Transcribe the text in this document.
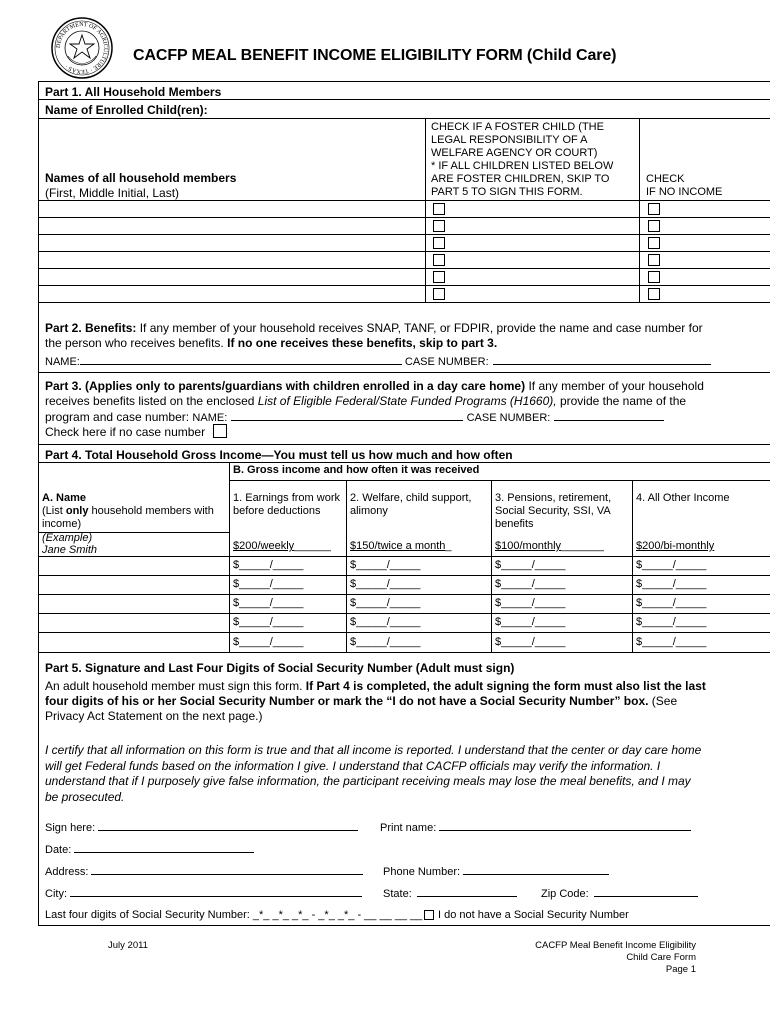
DEPARTMENT OF AGRICULTURE · TEXAS ·
CACFP MEAL BENEFIT INCOME ELIGIBILITY FORM (Child Care)
Part 1. All Household Members
Name of Enrolled Child(ren):
Names of all household members
(First, Middle Initial, Last)
CHECK IF A FOSTER CHILD (THE
LEGAL RESPONSIBILITY OF A
WELFARE AGENCY OR COURT)
* IF ALL CHILDREN LISTED BELOW
ARE FOSTER CHILDREN, SKIP TO
PART 5 TO SIGN THIS FORM.
CHECK
IF NO INCOME
Part 2. Benefits: If any member of your household receives SNAP, TANF, or FDPIR, provide the name and case number for
the person who receives benefits. If no one receives these benefits, skip to part 3.
NAME:	CASE NUMBER:
Part 3. (Applies only to parents/guardians with children enrolled in a day care home) If any member of your household
receives benefits listed on the enclosed List of Eligible Federal/State Funded Programs (H1660), provide the name of the
program and case number: NAME:	CASE NUMBER:
Check here if no case number
Part 4. Total Household Gross Income—You must tell us how much and how often
B. Gross income and how often it was received
A. Name
(List only household members with
income)
1. Earnings from work
before deductions
2. Welfare, child support,
alimony
3. Pensions, retirement,
Social Security, SSI, VA
benefits
4. All Other Income
(Example)
Jane Smith	$200/weekly______ $150/twice a month_	$100/monthly_______	$200/bi-monthly
$_____/_____	$_____/_____	$_____/_____	$_____/_____
$_____/_____	$_____/_____	$_____/_____	$_____/_____
$_____/_____	$_____/_____	$_____/_____	$_____/_____
$_____/_____	$_____/_____	$_____/_____	$_____/_____
$_____/_____	$_____/_____	$_____/_____	$_____/_____
Part 5. Signature and Last Four Digits of Social Security Number (Adult must sign)
An adult household member must sign this form. If Part 4 is completed, the adult signing the form must also list the last
four digits of his or her Social Security Number or mark the “I do not have a Social Security Number” box. (See
Privacy Act Statement on the next page.)
I certify that all information on this form is true and that all income is reported. I understand that the center or day care home
will get Federal funds based on the information I give. I understand that CACFP officials may verify the information. I
understand that if I purposely give false information, the participant receiving meals may lose the meal benefits, and I may
be prosecuted.
Sign here:	Print name:
Date:
Address:	Phone Number:
City:	State:	Zip Code:
Last four digits of Social Security Number: _*_ _*_ _*_ - _*_ _*_ - __ __ __ __ I do not have a Social Security Number
July 2011	CACFP Meal Benefit Income Eligibility
Child Care Form
Page 1
